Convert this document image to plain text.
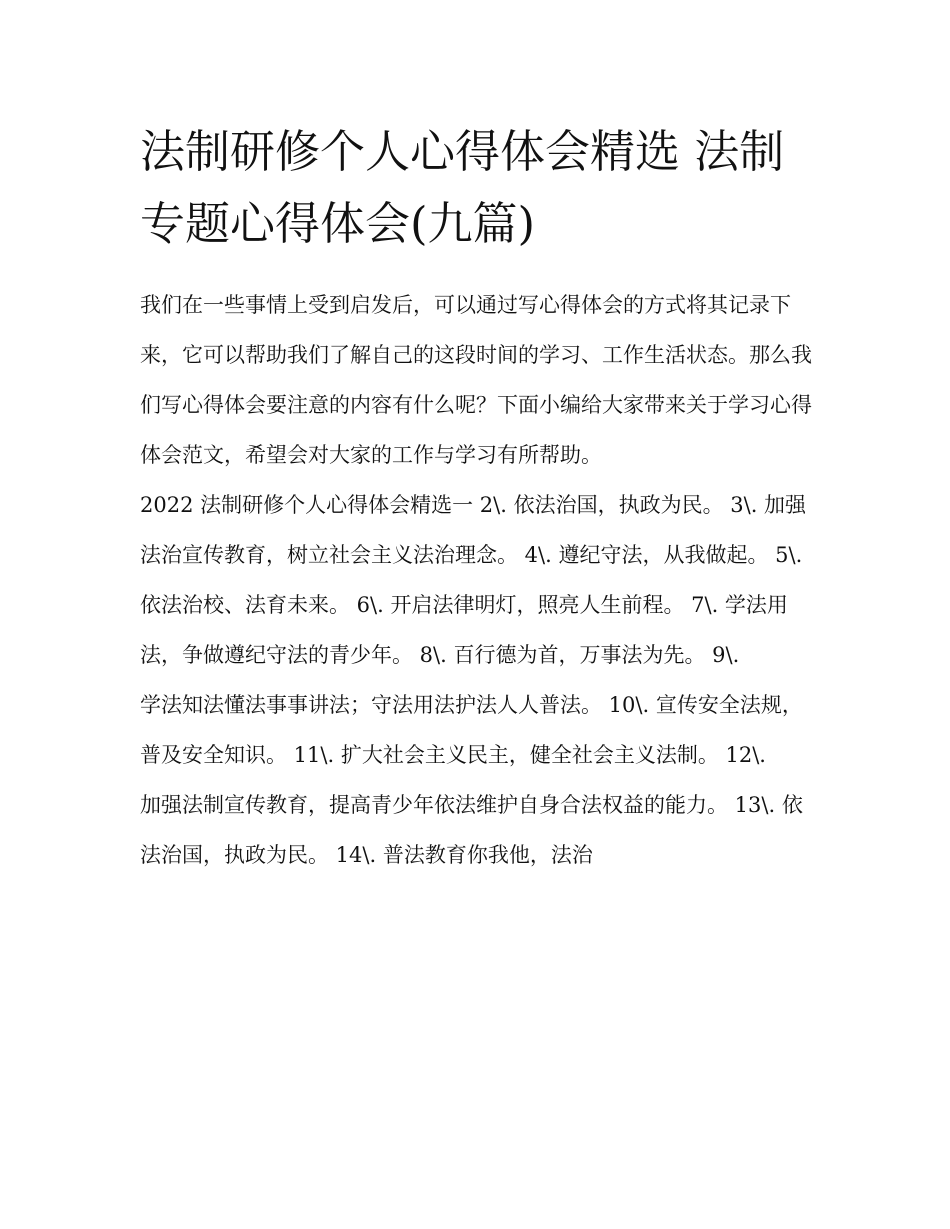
法制研修个人心得体会精选 法制专题心得体会(九篇)

我们在一些事情上受到启发后，可以通过写心得体会的方式将其记录下来，它可以帮助我们了解自己的这段时间的学习、工作生活状态。那么我们写心得体会要注意的内容有什么呢？下面小编给大家带来关于学习心得体会范文，希望会对大家的工作与学习有所帮助。

2022 法制研修个人心得体会精选一 2\. 依法治国，执政为民。 3\. 加强法治宣传教育，树立社会主义法治理念。 4\. 遵纪守法，从我做起。 5\.

依法治校、法育未来。 6\. 开启法律明灯，照亮人生前程。 7\. 学法用法，争做遵纪守法的青少年。 8\. 百行德为首，万事法为先。 9\.

学法知法懂法事事讲法；守法用法护法人人普法。 10\. 宣传安全法规，普及安全知识。 11\. 扩大社会主义民主，健全社会主义法制。 12\.

加强法制宣传教育，提高青少年依法维护自身合法权益的能力。 13\. 依法治国，执政为民。 14\. 普法教育你我他，法治
